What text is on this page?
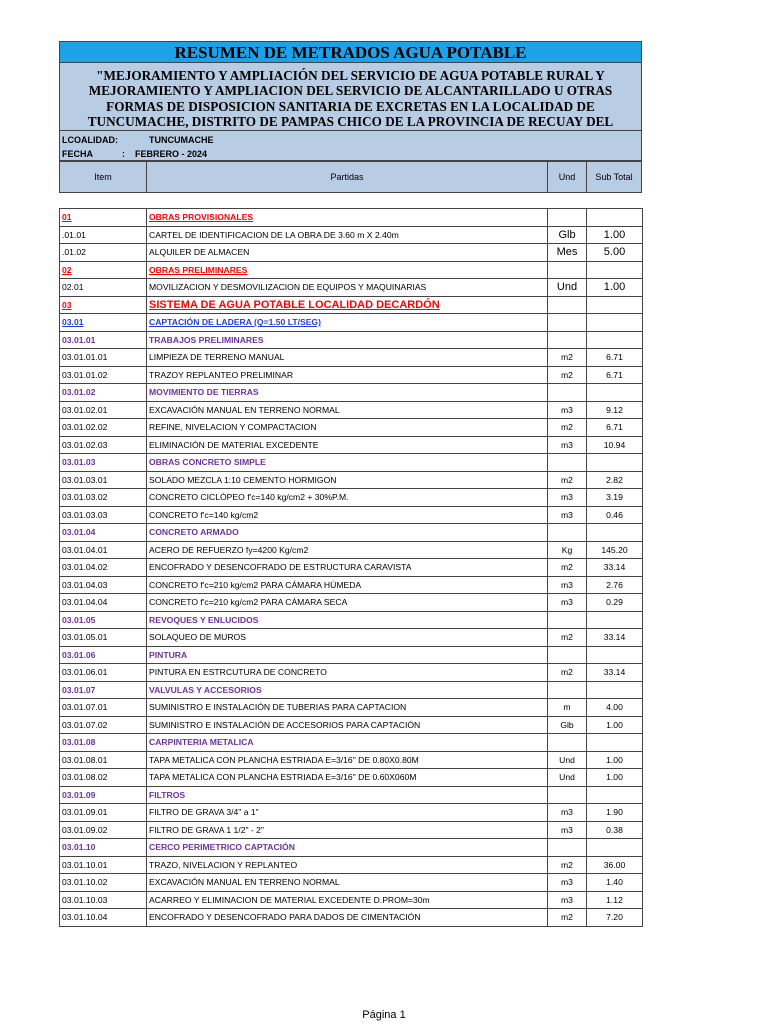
RESUMEN DE METRADOS AGUA POTABLE
"MEJORAMIENTO Y AMPLIACIÓN DEL SERVICIO DE AGUA POTABLE RURAL Y MEJORAMIENTO Y AMPLIACION DEL SERVICIO DE ALCANTARILLADO U OTRAS FORMAS DE DISPOSICION SANITARIA DE EXCRETAS EN LA LOCALIDAD DE TUNCUMACHE, DISTRITO DE PAMPAS CHICO DE LA PROVINCIA DE RECUAY DEL
LCOALIDAD:	TUNCUMACHE
FECHA	: FEBRERO - 2024
Item	Partidas	Und	Sub Total
01	OBRAS PROVISIONALES		
.01.01	CARTEL DE IDENTIFICACION DE LA OBRA DE 3.60 m X 2.40m	Glb	1.00
.01.02	ALQUILER DE ALMACEN	Mes	5.00
02	OBRAS PRELIMINARES		
02.01	MOVILIZACION Y DESMOVILIZACION DE EQUIPOS Y MAQUINARIAS	Und	1.00
03	SISTEMA DE AGUA POTABLE LOCALIDAD DECARDÓN		
03.01	CAPTACIÓN DE LADERA (Q=1.50 LT/SEG)		
03.01.01	TRABAJOS PRELIMINARES		
03.01.01.01	LIMPIEZA DE TERRENO MANUAL	m2	6.71
03.01.01.02	TRAZOY REPLANTEO PRELIMINAR	m2	6.71
03.01.02	MOVIMIENTO DE TIERRAS		
03.01.02.01	EXCAVACIÓN MANUAL EN TERRENO NORMAL	m3	9.12
03.01.02.02	REFINE, NIVELACION Y COMPACTACION	m2	6.71
03.01.02.03	ELIMINACIÓN DE MATERIAL EXCEDENTE	m3	10.94
03.01.03	OBRAS CONCRETO SIMPLE		
03.01.03.01	SOLADO MEZCLA 1:10 CEMENTO HORMIGON	m2	2.82
03.01.03.02	CONCRETO CICLÓPEO f'c=140 kg/cm2 + 30%P.M.	m3	3.19
03.01.03.03	CONCRETO f'c=140 kg/cm2	m3	0.46
03.01.04	CONCRETO ARMADO		
03.01.04.01	ACERO DE REFUERZO fy=4200 Kg/cm2	Kg	145.20
03.01.04.02	ENCOFRADO Y DESENCOFRADO DE ESTRUCTURA CARAVISTA	m2	33.14
03.01.04.03	CONCRETO f'c=210 kg/cm2 PARA CÁMARA HÚMEDA	m3	2.76
03.01.04.04	CONCRETO f'c=210 kg/cm2 PARA CÁMARA SECA	m3	0.29
03.01.05	REVOQUES Y ENLUCIDOS		
03.01.05.01	SOLAQUEO DE MUROS	m2	33.14
03.01.06	PINTURA		
03.01.06.01	PINTURA EN ESTRCUTURA DE CONCRETO	m2	33.14
03.01.07	VALVULAS Y ACCESORIOS		
03.01.07.01	SUMINISTRO E INSTALACIÓN DE TUBERIAS PARA CAPTACION	m	4.00
03.01.07.02	SUMINISTRO E INSTALACIÓN DE ACCESORIOS PARA CAPTACIÓN	Glb	1.00
03.01.08	CARPINTERIA METALICA		
03.01.08.01	TAPA METALICA CON PLANCHA ESTRIADA E=3/16" DE 0.80X0.80M	Und	1.00
03.01.08.02	TAPA METALICA CON PLANCHA ESTRIADA E=3/16" DE 0.60X060M	Und	1.00
03.01.09	FILTROS		
03.01.09.01	FILTRO DE GRAVA 3/4" a 1"	m3	1.90
03.01.09.02	FILTRO DE GRAVA 1 1/2" - 2"	m3	0.38
03.01.10	CERCO PERIMETRICO CAPTACIÓN		
03.01.10.01	TRAZO, NIVELACION Y REPLANTEO	m2	36.00
03.01.10.02	EXCAVACIÓN MANUAL EN TERRENO NORMAL	m3	1.40
03.01.10.03	ACARREO Y ELIMINACION DE MATERIAL EXCEDENTE D.PROM=30m	m3	1.12
03.01.10.04	ENCOFRADO Y DESENCOFRADO PARA DADOS DE CIMENTACIÓN	m2	7.20
Página 1
